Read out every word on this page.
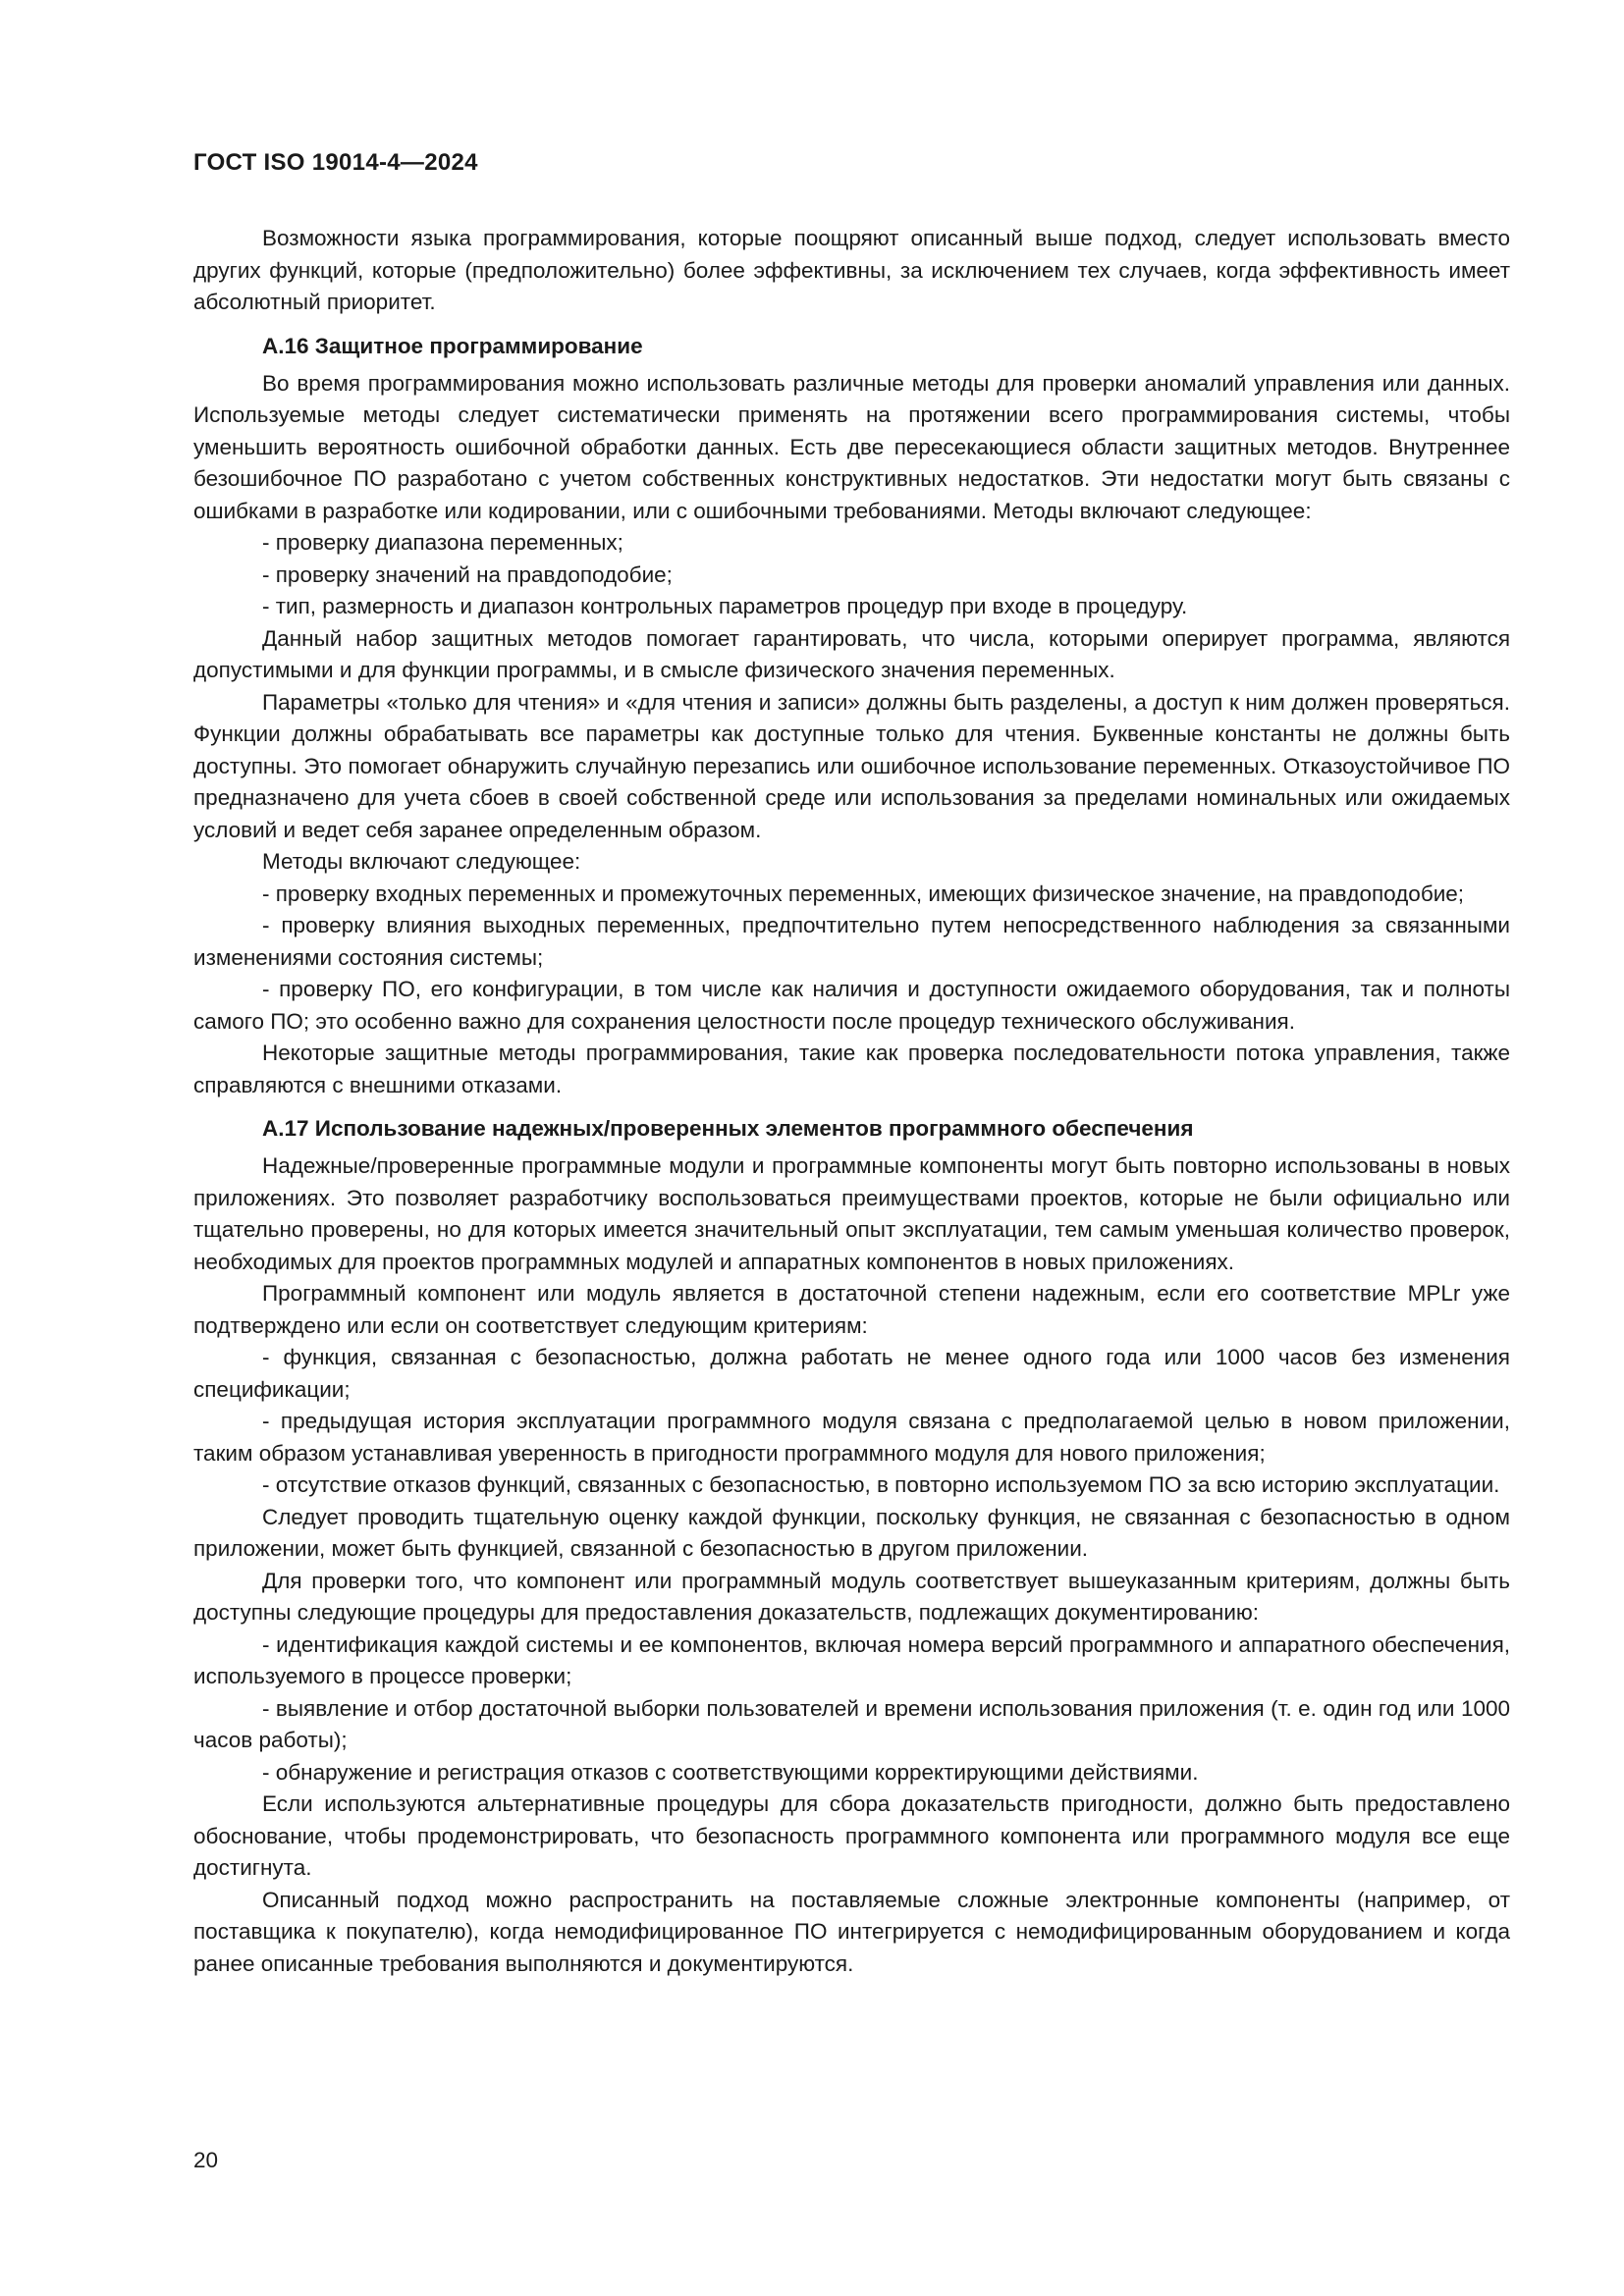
ГОСТ ISO 19014-4—2024

Возможности языка программирования, которые поощряют описанный выше подход, следует использовать вместо других функций, которые (предположительно) более эффективны, за исключением тех случаев, когда эффективность имеет абсолютный приоритет.

А.16 Защитное программирование

Во время программирования можно использовать различные методы для проверки аномалий управления или данных. Используемые методы следует систематически применять на протяжении всего программирования системы, чтобы уменьшить вероятность ошибочной обработки данных. Есть две пересекающиеся области защитных методов. Внутреннее безошибочное ПО разработано с учетом собственных конструктивных недостатков. Эти недостатки могут быть связаны с ошибками в разработке или кодировании, или с ошибочными требованиями. Методы включают следующее:

- проверку диапазона переменных;

- проверку значений на правдоподобие;

- тип, размерность и диапазон контрольных параметров процедур при входе в процедуру.

Данный набор защитных методов помогает гарантировать, что числа, которыми оперирует программа, являются допустимыми и для функции программы, и в смысле физического значения переменных.

Параметры «только для чтения» и «для чтения и записи» должны быть разделены, а доступ к ним должен проверяться. Функции должны обрабатывать все параметры как доступные только для чтения. Буквенные константы не должны быть доступны. Это помогает обнаружить случайную перезапись или ошибочное использование переменных. Отказоустойчивое ПО предназначено для учета сбоев в своей собственной среде или использования за пределами номинальных или ожидаемых условий и ведет себя заранее определенным образом.

Методы включают следующее:

- проверку входных переменных и промежуточных переменных, имеющих физическое значение, на правдоподобие;

- проверку влияния выходных переменных, предпочтительно путем непосредственного наблюдения за связанными изменениями состояния системы;

- проверку ПО, его конфигурации, в том числе как наличия и доступности ожидаемого оборудования, так и полноты самого ПО; это особенно важно для сохранения целостности после процедур технического обслуживания.

Некоторые защитные методы программирования, такие как проверка последовательности потока управления, также справляются с внешними отказами.

А.17 Использование надежных/проверенных элементов программного обеспечения

Надежные/проверенные программные модули и программные компоненты могут быть повторно использованы в новых приложениях. Это позволяет разработчику воспользоваться преимуществами проектов, которые не были официально или тщательно проверены, но для которых имеется значительный опыт эксплуатации, тем самым уменьшая количество проверок, необходимых для проектов программных модулей и аппаратных компонентов в новых приложениях.

Программный компонент или модуль является в достаточной степени надежным, если его соответствие MPLr уже подтверждено или если он соответствует следующим критериям:

- функция, связанная с безопасностью, должна работать не менее одного года или 1000 часов без изменения спецификации;

- предыдущая история эксплуатации программного модуля связана с предполагаемой целью в новом приложении, таким образом устанавливая уверенность в пригодности программного модуля для нового приложения;

- отсутствие отказов функций, связанных с безопасностью, в повторно используемом ПО за всю историю эксплуатации.

Следует проводить тщательную оценку каждой функции, поскольку функция, не связанная с безопасностью в одном приложении, может быть функцией, связанной с безопасностью в другом приложении.

Для проверки того, что компонент или программный модуль соответствует вышеуказанным критериям, должны быть доступны следующие процедуры для предоставления доказательств, подлежащих документированию:

- идентификация каждой системы и ее компонентов, включая номера версий программного и аппаратного обеспечения, используемого в процессе проверки;

- выявление и отбор достаточной выборки пользователей и времени использования приложения (т. е. один год или 1000 часов работы);

- обнаружение и регистрация отказов с соответствующими корректирующими действиями.

Если используются альтернативные процедуры для сбора доказательств пригодности, должно быть предоставлено обоснование, чтобы продемонстрировать, что безопасность программного компонента или программного модуля все еще достигнута.

Описанный подход можно распространить на поставляемые сложные электронные компоненты (например, от поставщика к покупателю), когда немодифицированное ПО интегрируется с немодифицированным оборудованием и когда ранее описанные требования выполняются и документируются.

20
